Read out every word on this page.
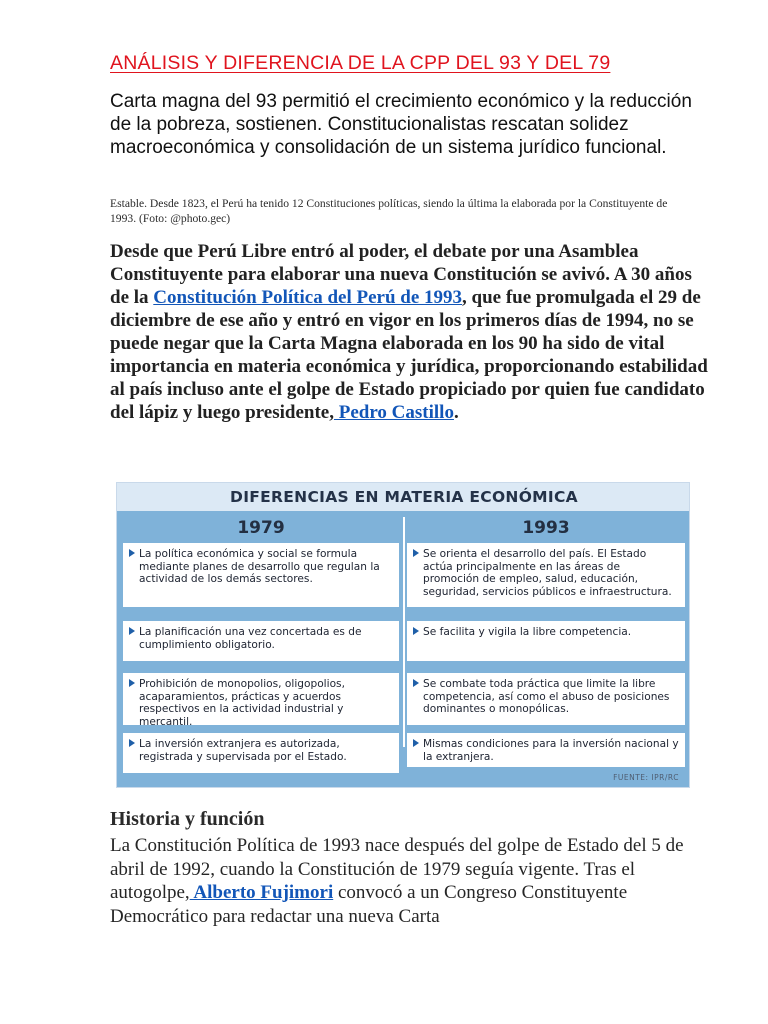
ANÁLISIS Y DIFERENCIA DE LA CPP DEL 93 Y DEL 79
Carta magna del 93 permitió el crecimiento económico y la reducción de la pobreza, sostienen. Constitucionalistas rescatan solidez macroeconómica y consolidación de un sistema jurídico funcional.
Estable. Desde 1823, el Perú ha tenido 12 Constituciones políticas, siendo la última la elaborada por la Constituyente de 1993. (Foto: @photo.gec)
Desde que Perú Libre entró al poder, el debate por una Asamblea Constituyente para elaborar una nueva Constitución se avivó. A 30 años de la Constitución Política del Perú de 1993, que fue promulgada el 29 de diciembre de ese año y entró en vigor en los primeros días de 1994, no se puede negar que la Carta Magna elaborada en los 90 ha sido de vital importancia en materia económica y jurídica, proporcionando estabilidad al país incluso ante el golpe de Estado propiciado por quien fue candidato del lápiz y luego presidente, Pedro Castillo.
DIFERENCIAS EN MATERIA ECONÓMICA
1979	1993
La política económica y social se formula mediante planes de desarrollo que regulan la actividad de los demás sectores.
Se orienta el desarrollo del país. El Estado actúa principalmente en las áreas de promoción de empleo, salud, educación, seguridad, servicios públicos e infraestructura.
La planificación una vez concertada es de cumplimiento obligatorio.
Se facilita y vigila la libre competencia.
Prohibición de monopolios, oligopolios, acaparamientos, prácticas y acuerdos respectivos en la actividad industrial y mercantil.
Se combate toda práctica que limite la libre competencia, así como el abuso de posiciones dominantes o monopólicas.
La inversión extranjera es autorizada, registrada y supervisada por el Estado.
Mismas condiciones para la inversión nacional y la extranjera.
FUENTE: IPR/RC
Historia y función
La Constitución Política de 1993 nace después del golpe de Estado del 5 de abril de 1992, cuando la Constitución de 1979 seguía vigente. Tras el autogolpe, Alberto Fujimori convocó a un Congreso Constituyente Democrático para redactar una nueva Carta
